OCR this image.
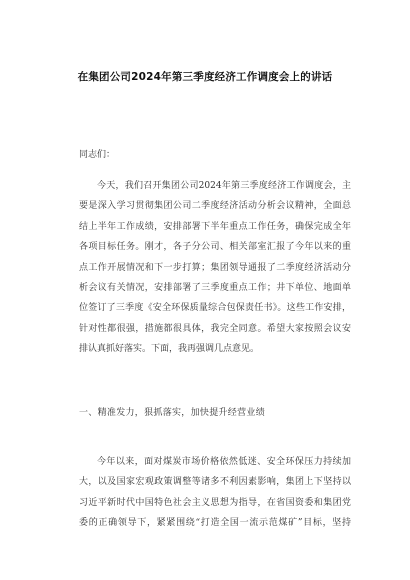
在集团公司2024年第三季度经济工作调度会上的讲话
同志们：
今天，我们召开集团公司2024年第三季度经济工作调度会，主
要是深入学习贯彻集团公司二季度经济活动分析会议精神，全面总
结上半年工作成绩，安排部署下半年重点工作任务，确保完成全年
各项目标任务。刚才，各子分公司、相关部室汇报了今年以来的重
点工作开展情况和下一步打算；集团领导通报了二季度经济活动分
析会议有关情况，安排部署了三季度重点工作；井下单位、地面单
位签订了三季度《安全环保质量综合包保责任书》。这些工作安排，
针对性都很强，措施都很具体，我完全同意。希望大家按照会议安
排认真抓好落实。下面，我再强调几点意见。
一、精准发力，狠抓落实，加快提升经营业绩
今年以来，面对煤炭市场价格依然低迷、安全环保压力持续加
大，以及国家宏观政策调整等诸多不利因素影响，集团上下坚持以
习近平新时代中国特色社会主义思想为指导，在省国资委和集团党
委的正确领导下，紧紧围绕“打造全国一流示范煤矿”目标，坚持
